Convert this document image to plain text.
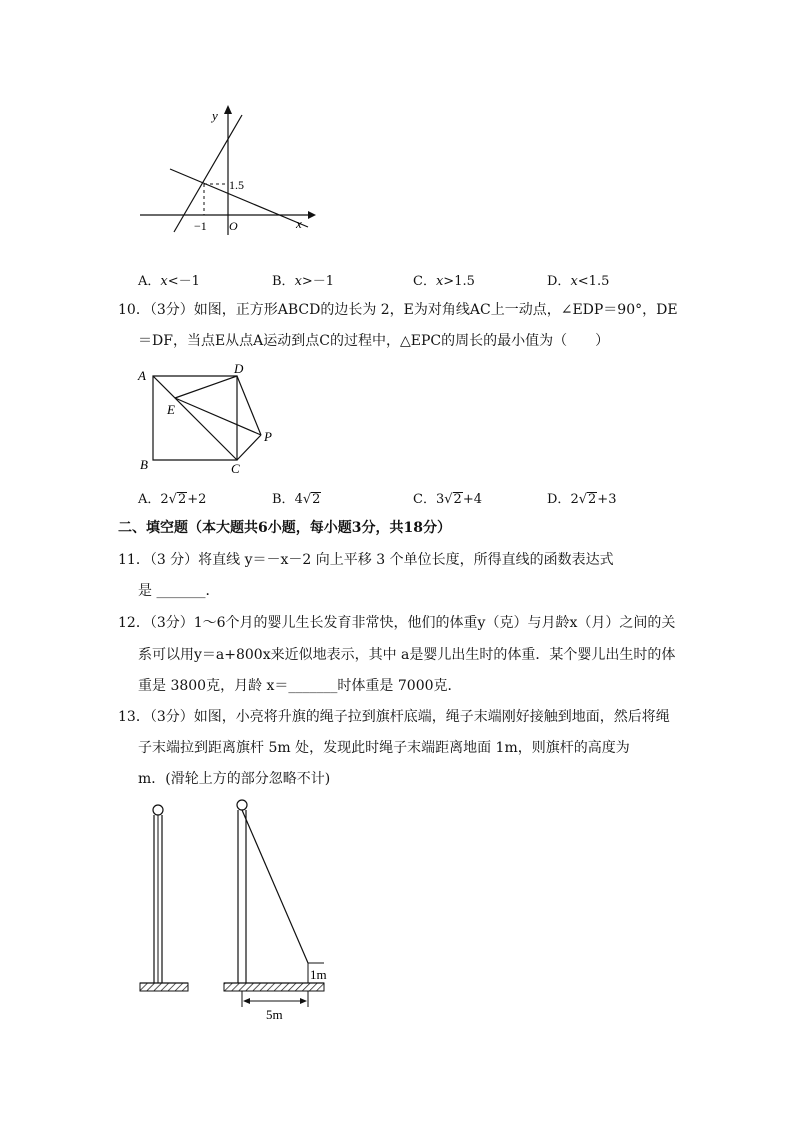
y
x
O
1.5
−1
A．x<－1	B．x>－1	C．x>1.5	D．x<1.5
10．（3分）如图，正方形ABCD的边长为 2，E为对角线AC上一动点，∠EDP＝90°，DE
＝DF，当点E从点A运动到点C的过程中，△EPC的周长的最小值为（　　）
A	D
E
P
B	C
A．2√2+2	B．4√2	C．3√2+4	D．2√2+3
二、填空题（本大题共6小题，每小题3分，共18分）
11．（3 分）将直线 y＝－x－2 向上平移 3 个单位长度，所得直线的函数表达式
是 _______．
12．（3分）1～6个月的婴儿生长发育非常快，他们的体重y（克）与月龄x（月）之间的关
系可以用y＝a+800x来近似地表示，其中 a是婴儿出生时的体重．某个婴儿出生时的体
重是 3800克，月龄 x＝_______时体重是 7000克．
13．（3分）如图，小亮将升旗的绳子拉到旗杆底端，绳子末端刚好接触到地面，然后将绳
子末端拉到距离旗杆 5m 处，发现此时绳子末端距离地面 1m，则旗杆的高度为
m．(滑轮上方的部分忽略不计)
1m
5m
